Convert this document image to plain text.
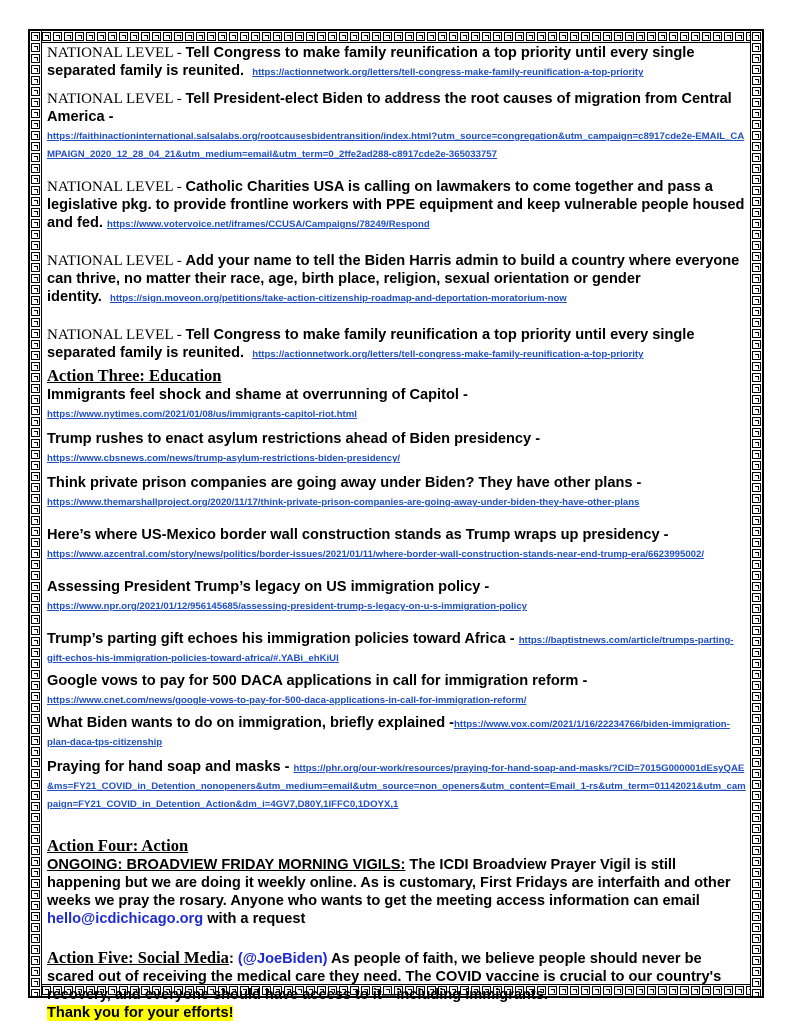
NATIONAL LEVEL - Tell Congress to make family reunification a top priority until every single separated family is reunited. https://actionnetwork.org/letters/tell-congress-make-family-reunification-a-top-priority
NATIONAL LEVEL - Tell President-elect Biden to address the root causes of migration from Central America -
https://faithinactioninternational.salsalabs.org/rootcausesbidentransition/index.html?utm_source=congregation&utm_campaign=c8917cde2e-EMAIL_CAMPAIGN_2020_12_28_04_21&utm_medium=email&utm_term=0_2ffe2ad288-c8917cde2e-365033757
NATIONAL LEVEL - Catholic Charities USA is calling on lawmakers to come together and pass a legislative pkg. to provide frontline workers with PPE equipment and keep vulnerable people housed and fed. https://www.votervoice.net/iframes/CCUSA/Campaigns/78249/Respond
NATIONAL LEVEL - Add your name to tell the Biden Harris admin to build a country where everyone can thrive, no matter their race, age, birth place, religion, sexual orientation or gender identity. https://sign.moveon.org/petitions/take-action-citizenship-roadmap-and-deportation-moratorium-now
NATIONAL LEVEL - Tell Congress to make family reunification a top priority until every single separated family is reunited. https://actionnetwork.org/letters/tell-congress-make-family-reunification-a-top-priority
Action Three: Education
Immigrants feel shock and shame at overrunning of Capitol -
https://www.nytimes.com/2021/01/08/us/immigrants-capitol-riot.html
Trump rushes to enact asylum restrictions ahead of Biden presidency -
https://www.cbsnews.com/news/trump-asylum-restrictions-biden-presidency/
Think private prison companies are going away under Biden? They have other plans -
https://www.themarshallproject.org/2020/11/17/think-private-prison-companies-are-going-away-under-biden-they-have-other-plans
Here’s where US-Mexico border wall construction stands as Trump wraps up presidency -
https://www.azcentral.com/story/news/politics/border-issues/2021/01/11/where-border-wall-construction-stands-near-end-trump-era/6623995002/
Assessing President Trump’s legacy on US immigration policy -
https://www.npr.org/2021/01/12/956145685/assessing-president-trump-s-legacy-on-u-s-immigration-policy
Trump’s parting gift echoes his immigration policies toward Africa - https://baptistnews.com/article/trumps-parting-gift-echos-his-immigration-policies-toward-africa/#.YABi_ehKiUl
Google vows to pay for 500 DACA applications in call for immigration reform -
https://www.cnet.com/news/google-vows-to-pay-for-500-daca-applications-in-call-for-immigration-reform/
What Biden wants to do on immigration, briefly explained -https://www.vox.com/2021/1/16/22234766/biden-immigration-plan-daca-tps-citizenship
Praying for hand soap and masks - https://phr.org/our-work/resources/praying-for-hand-soap-and-masks/?CID=7015G000001dEsyQAE&ms=FY21_COVID_in_Detention_nonopeners&utm_medium=email&utm_source=non_openers&utm_content=Email_1-rs&utm_term=01142021&utm_campaign=FY21_COVID_in_Detention_Action&dm_i=4GV7,D80Y,1IFFC0,1DOYX,1
Action Four: Action
ONGOING: BROADVIEW FRIDAY MORNING VIGILS: The ICDI Broadview Prayer Vigil is still happening but we are doing it weekly online. As is customary, First Fridays are interfaith and other weeks we pray the rosary. Anyone who wants to get the meeting access information can email hello@icdichicago.org with a request
Action Five: Social Media: (@JoeBiden) As people of faith, we believe people should never be scared out of receiving the medical care they need. The COVID vaccine is crucial to our country's recovery, and everyone should have access to it—including immigrants.
Thank you for your efforts!
